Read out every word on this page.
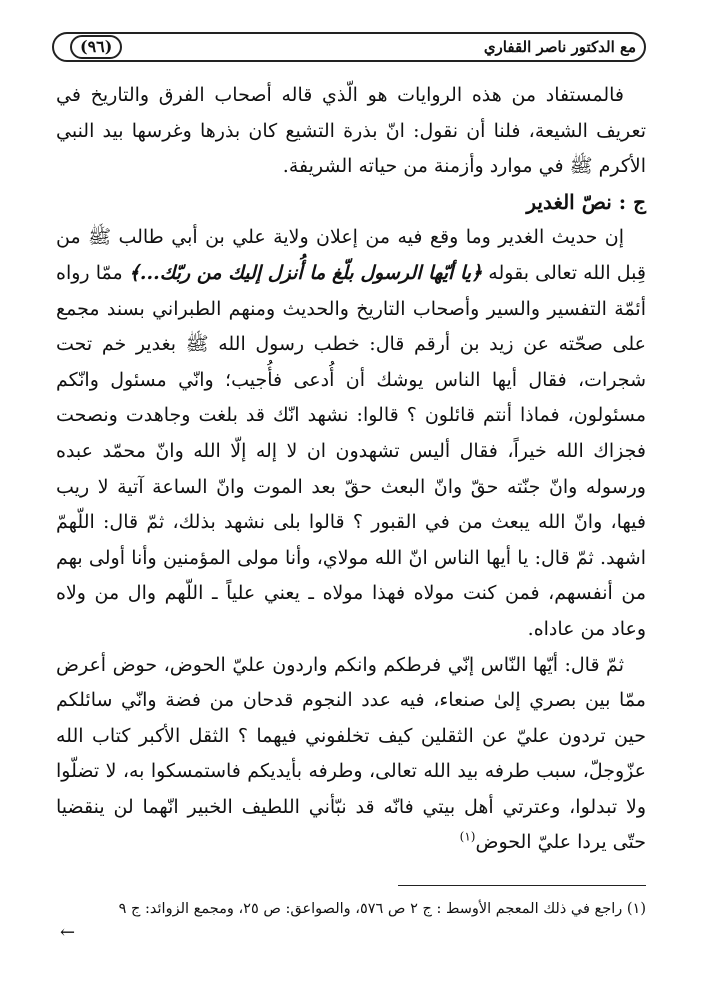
مع الدكتور ناصر القفاري
(٩٦)

فالمستفاد من هذه الروايات هو الّذي قاله أصحاب الفرق والتاريخ في تعريف الشيعة، فلنا أن نقول: انّ بذرة التشيع كان بذرها وغرسها بيد النبي الأكرم ﷺ في موارد وأزمنة من حياته الشريفة.

ج : نصّ الغدير

إن حديث الغدير وما وقع فيه من إعلان ولاية علي بن أبي طالب ﷺ من قِبل الله تعالى بقوله ﴿يا أيّها الرسول بلّغ ما أُنزل إليك من ربّك...﴾ ممّا رواه أئمّة التفسير والسير وأصحاب التاريخ والحديث ومنهم الطبراني بسند مجمع على صحّته عن زيد بن أرقم قال: خطب رسول الله ﷺ بغدير خم تحت شجرات، فقال أيها الناس يوشك أن أُدعى فأُجيب؛ وانّي مسئول وانّكم مسئولون، فماذا أنتم قائلون ؟ قالوا: نشهد انّك قد بلغت وجاهدت ونصحت فجزاك الله خيراً، فقال أليس تشهدون ان لا إله إلّا الله وانّ محمّد عبده ورسوله وانّ جنّته حقّ وانّ البعث حقّ بعد الموت وانّ الساعة آتية لا ريب فيها، وانّ الله يبعث من في القبور ؟ قالوا بلى نشهد بذلك، ثمّ قال: اللّهمّ اشهد. ثمّ قال: يا أيها الناس انّ الله مولاي، وأنا مولى المؤمنين وأنا أولى بهم من أنفسهم، فمن كنت مولاه فهذا مولاه ـ يعني علياً ـ اللّهم وال من ولاه وعاد من عاداه.

ثمّ قال: أيّها النّاس إنّي فرطكم وانكم واردون عليّ الحوض، حوض أعرض ممّا بين بصري إلىٰ صنعاء، فيه عدد النجوم قدحان من فضة وانّي سائلكم حين تردون عليّ عن الثقلين كيف تخلفوني فيهما ؟ الثقل الأكبر كتاب الله عزّوجلّ، سبب طرفه بيد الله تعالى، وطرفه بأيديكم فاستمسكوا به، لا تضلّوا ولا تبدلوا، وعترتي أهل بيتي فانّه قد نبّأني اللطيف الخبير انّهما لن ينقضيا حتّى يردا عليّ الحوض$^{(١)}$

(١) راجع في ذلك المعجم الأوسط : ج ٢ ص ٥٧٦، والصواعق: ص ٢٥، ومجمع الزوائد: ج ٩
←
